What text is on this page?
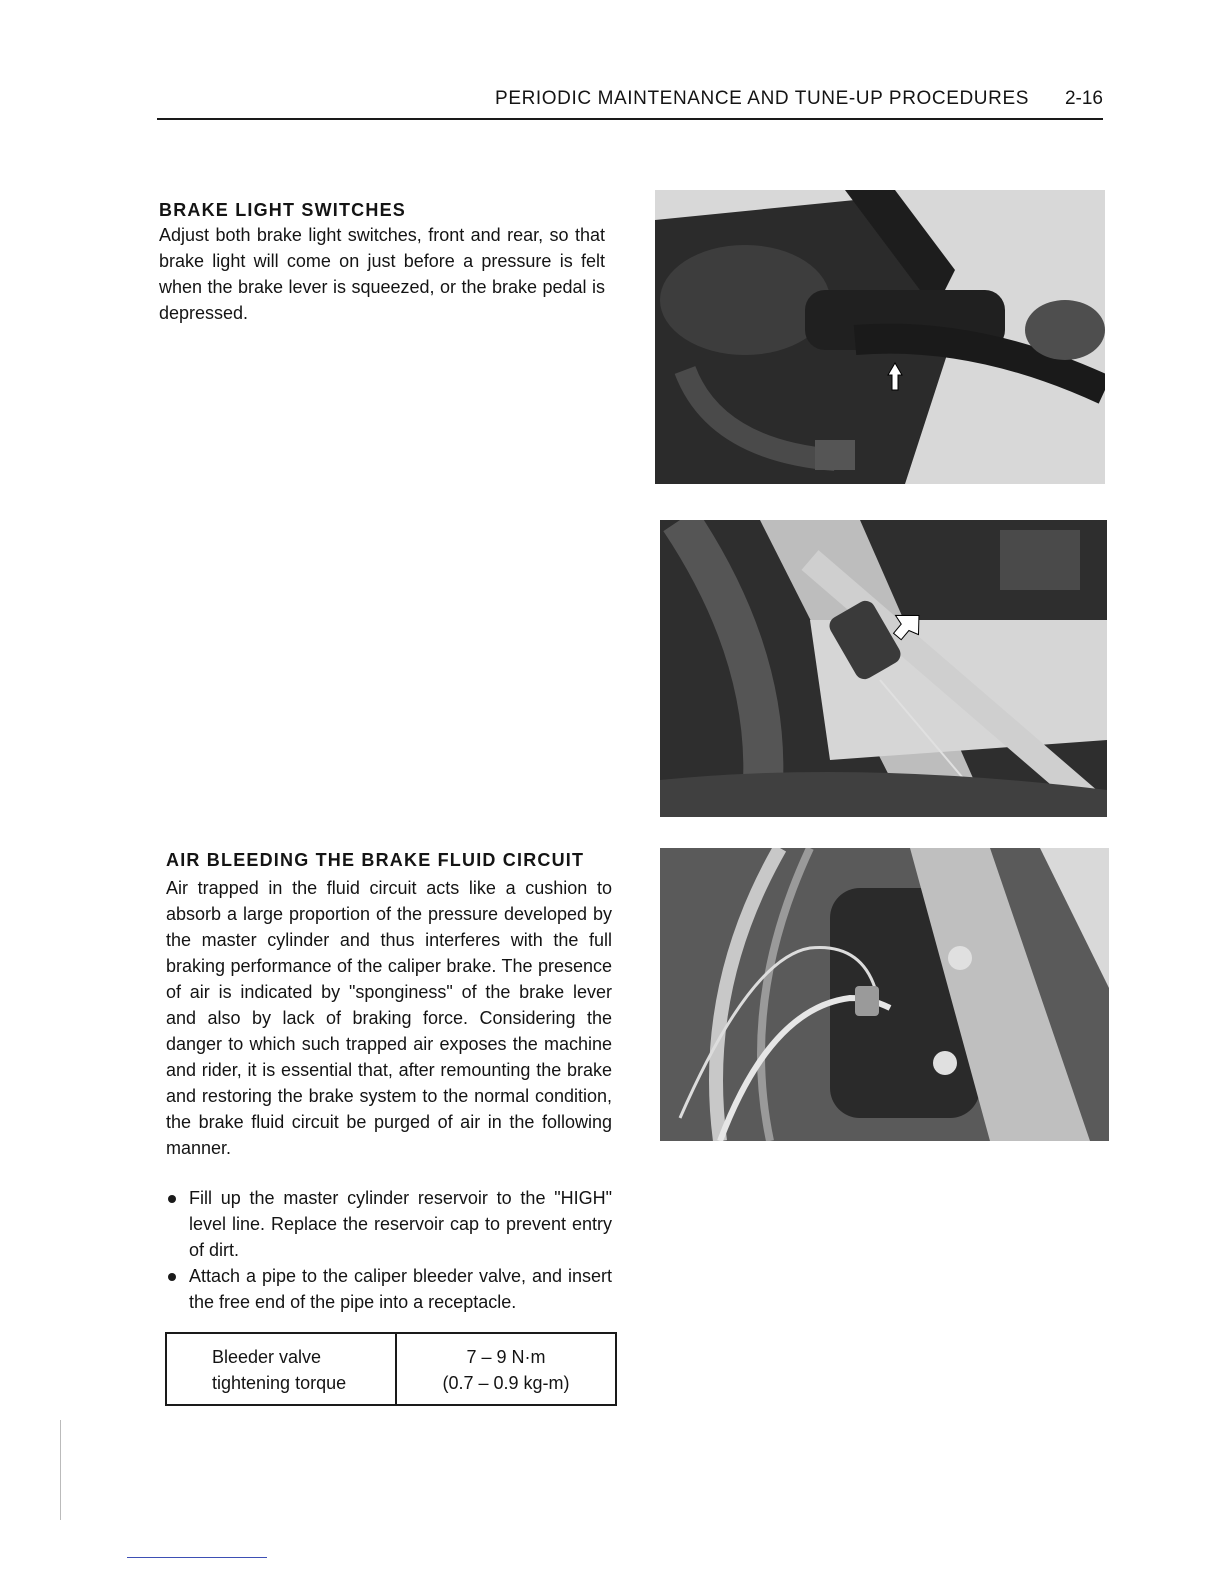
PERIODIC MAINTENANCE AND TUNE-UP PROCEDURES 2-16
BRAKE LIGHT SWITCHES
Adjust both brake light switches, front and rear, so that brake light will come on just before a pressure is felt when the brake lever is squeezed, or the brake pedal is depressed.
AIR BLEEDING THE BRAKE FLUID CIRCUIT
Air trapped in the fluid circuit acts like a cushion to absorb a large proportion of the pressure developed by the master cylinder and thus interferes with the full braking performance of the caliper brake. The presence of air is indicated by "sponginess" of the brake lever and also by lack of braking force. Considering the danger to which such trapped air exposes the machine and rider, it is essential that, after remounting the brake and restoring the brake system to the normal condition, the brake fluid circuit be purged of air in the following manner.
Fill up the master cylinder reservoir to the "HIGH" level line. Replace the reservoir cap to prevent entry of dirt.
Attach a pipe to the caliper bleeder valve, and insert the free end of the pipe into a receptacle.
Bleeder valve
tightening torque
7 – 9 N·m
(0.7 – 0.9 kg-m)
